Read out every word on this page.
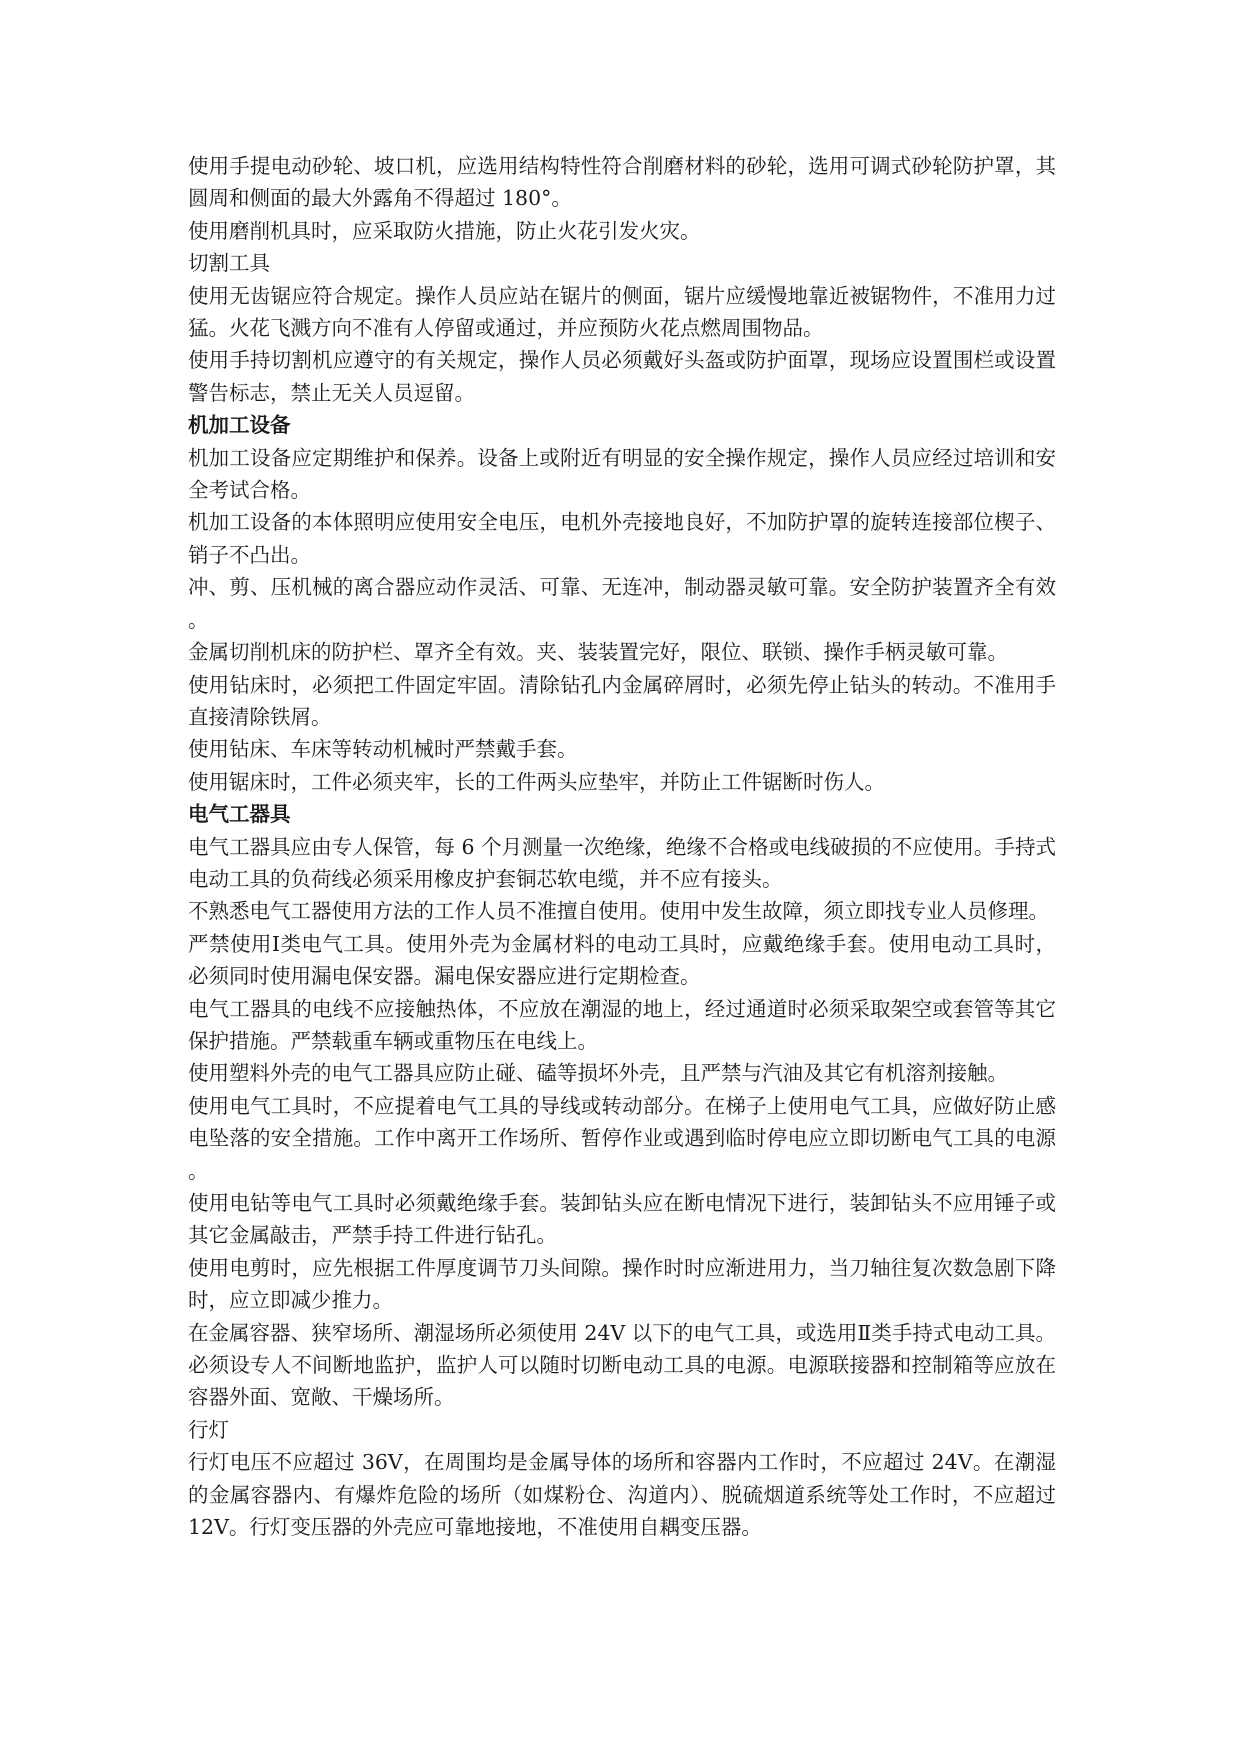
使用手提电动砂轮、坡口机，应选用结构特性符合削磨材料的砂轮，选用可调式砂轮防护罩，其圆周和侧面的最大外露角不得超过 180°。

使用磨削机具时，应采取防火措施，防止火花引发火灾。

切割工具

使用无齿锯应符合规定。操作人员应站在锯片的侧面，锯片应缓慢地靠近被锯物件，不准用力过猛。火花飞溅方向不准有人停留或通过，并应预防火花点燃周围物品。

使用手持切割机应遵守的有关规定，操作人员必须戴好头盔或防护面罩，现场应设置围栏或设置警告标志，禁止无关人员逗留。

机加工设备

机加工设备应定期维护和保养。设备上或附近有明显的安全操作规定，操作人员应经过培训和安全考试合格。

机加工设备的本体照明应使用安全电压，电机外壳接地良好，不加防护罩的旋转连接部位楔子、销子不凸出。

冲、剪、压机械的离合器应动作灵活、可靠、无连冲，制动器灵敏可靠。安全防护装置齐全有效。

金属切削机床的防护栏、罩齐全有效。夹、装装置完好，限位、联锁、操作手柄灵敏可靠。

使用钻床时，必须把工件固定牢固。清除钻孔内金属碎屑时，必须先停止钻头的转动。不准用手直接清除铁屑。

使用钻床、车床等转动机械时严禁戴手套。

使用锯床时，工件必须夹牢，长的工件两头应垫牢，并防止工件锯断时伤人。

电气工器具

电气工器具应由专人保管，每 6 个月测量一次绝缘，绝缘不合格或电线破损的不应使用。手持式电动工具的负荷线必须采用橡皮护套铜芯软电缆，并不应有接头。

不熟悉电气工器使用方法的工作人员不准擅自使用。使用中发生故障，须立即找专业人员修理。

严禁使用Ⅰ类电气工具。使用外壳为金属材料的电动工具时，应戴绝缘手套。使用电动工具时，必须同时使用漏电保安器。漏电保安器应进行定期检查。

电气工器具的电线不应接触热体，不应放在潮湿的地上，经过通道时必须采取架空或套管等其它保护措施。严禁载重车辆或重物压在电线上。

使用塑料外壳的电气工器具应防止碰、磕等损坏外壳，且严禁与汽油及其它有机溶剂接触。

使用电气工具时，不应提着电气工具的导线或转动部分。在梯子上使用电气工具，应做好防止感电坠落的安全措施。工作中离开工作场所、暂停作业或遇到临时停电应立即切断电气工具的电源。

使用电钻等电气工具时必须戴绝缘手套。装卸钻头应在断电情况下进行，装卸钻头不应用锤子或其它金属敲击，严禁手持工件进行钻孔。

使用电剪时，应先根据工件厚度调节刀头间隙。操作时时应渐进用力，当刀轴往复次数急剧下降时，应立即减少推力。

在金属容器、狭窄场所、潮湿场所必须使用 24V 以下的电气工具，或选用Ⅱ类手持式电动工具。必须设专人不间断地监护，监护人可以随时切断电动工具的电源。电源联接器和控制箱等应放在容器外面、宽敞、干燥场所。

行灯

行灯电压不应超过 36V，在周围均是金属导体的场所和容器内工作时，不应超过 24V。在潮湿的金属容器内、有爆炸危险的场所（如煤粉仓、沟道内）、脱硫烟道系统等处工作时，不应超过 12V。行灯变压器的外壳应可靠地接地，不准使用自耦变压器。
